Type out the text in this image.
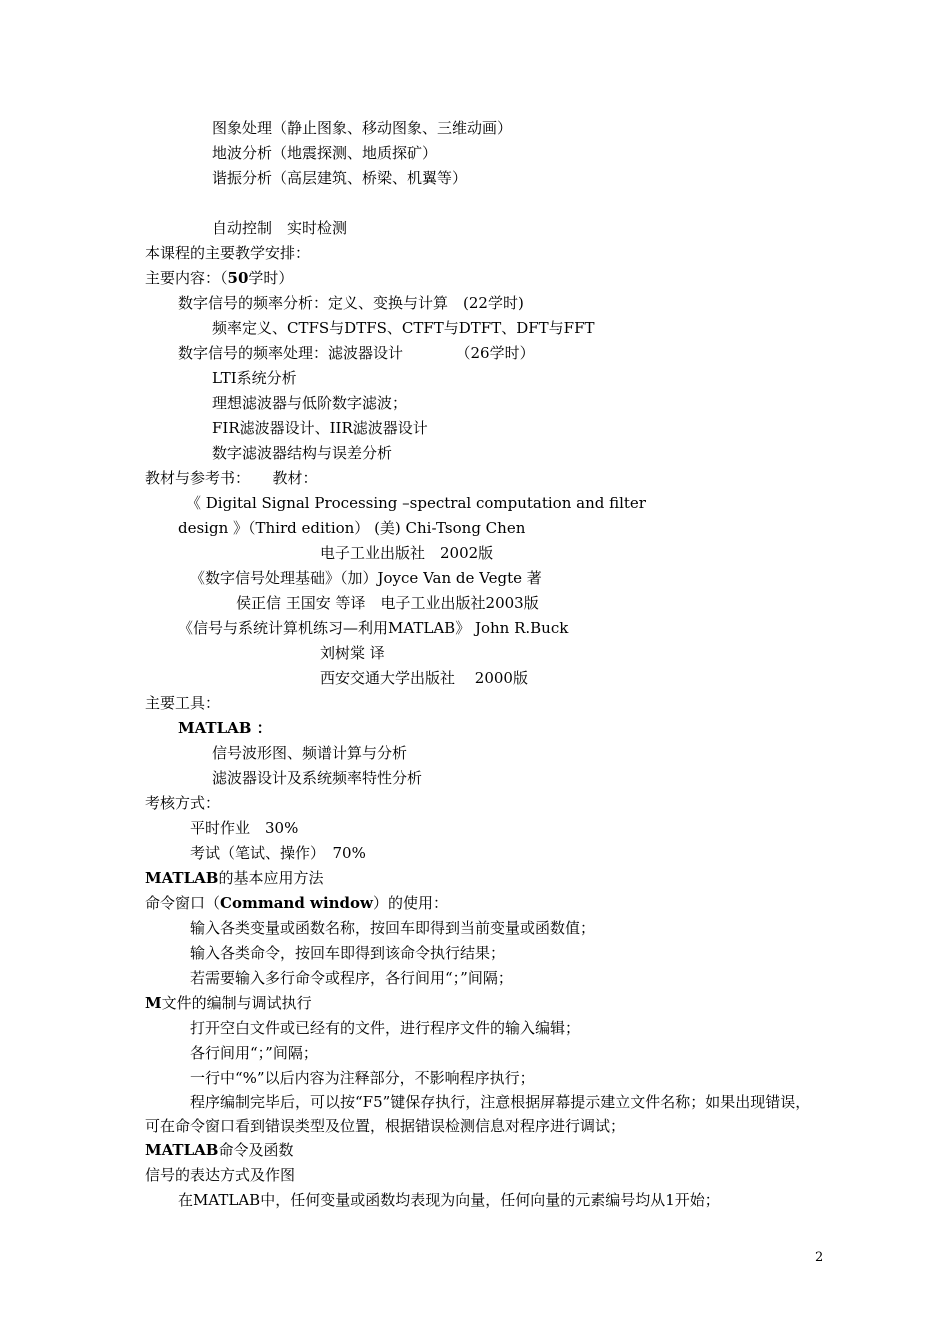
图象处理（静止图象、移动图象、三维动画）
地波分析（地震探测、地质探矿）
谐振分析（高层建筑、桥梁、机翼等）
自动控制　实时检测
本课程的主要教学安排：
主要内容：（50学时）
数字信号的频率分析：定义、变换与计算　(22学时)
频率定义、CTFS与DTFS、CTFT与DTFT、DFT与FFT
数字信号的频率处理：滤波器设计　　　　（26学时）
LTI系统分析
理想滤波器与低阶数字滤波；
FIR滤波器设计、IIR滤波器设计
数字滤波器结构与误差分析
教材与参考书：　　教材：
《 Digital Signal Processing –spectral computation and filter
design 》（Third edition） (美) Chi-Tsong Chen
电子工业出版社　2002版
《数字信号处理基础》（加）Joyce Van de Vegte 著
侯正信 王国安 等译　电子工业出版社2003版
《信号与系统计算机练习—利用MATLAB》 John R.Buck
刘树棠 译
西安交通大学出版社　 2000版
主要工具：
MATLAB ：
信号波形图、频谱计算与分析
滤波器设计及系统频率特性分析
考核方式：
平时作业　30%
考试（笔试、操作）　70%
MATLAB的基本应用方法
命令窗口（Command window）的使用：
输入各类变量或函数名称，按回车即得到当前变量或函数值；
输入各类命令，按回车即得到该命令执行结果；
若需要输入多行命令或程序，各行间用“；”间隔；
M文件的编制与调试执行
打开空白文件或已经有的文件，进行程序文件的输入编辑；
各行间用“；”间隔；
一行中“%”以后内容为注释部分，不影响程序执行；
程序编制完毕后，可以按“F5”键保存执行，注意根据屏幕提示建立文件名称；如果出现错误，可在命令窗口看到错误类型及位置，根据错误检测信息对程序进行调试；
MATLAB命令及函数
信号的表达方式及作图
在MATLAB中，任何变量或函数均表现为向量，任何向量的元素编号均从1开始；
2
